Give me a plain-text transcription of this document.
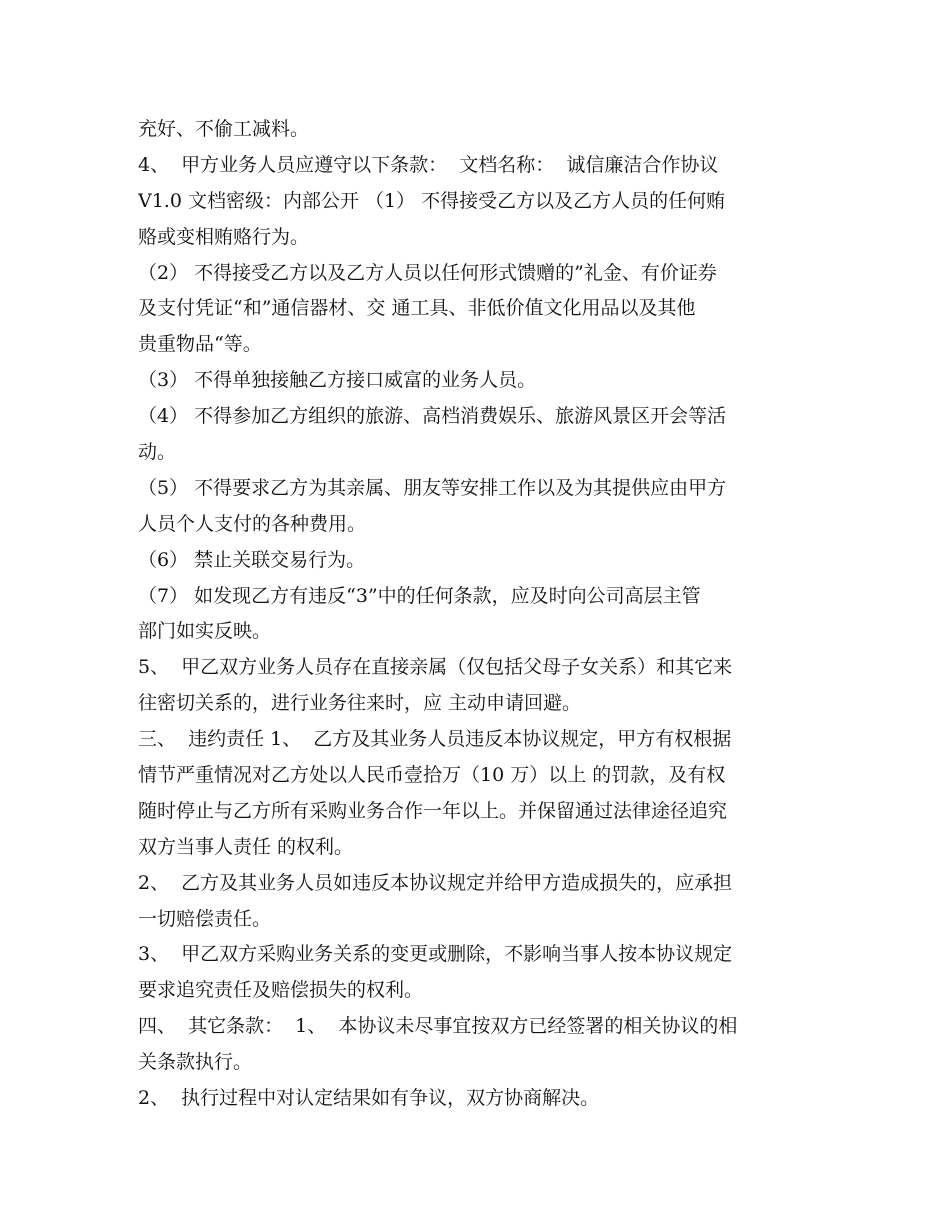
充好、不偷工减料。
4、  甲方业务人员应遵守以下条款：  文档名称：  诚信廉洁合作协议
V1.0 文档密级：内部公开 （1） 不得接受乙方以及乙方人员的任何贿
赂或变相贿赂行为。
（2） 不得接受乙方以及乙方人员以任何形式馈赠的”礼金、有价证券
及支付凭证“和”通信器材、交 通工具、非低价值文化用品以及其他
贵重物品“等。
（3） 不得单独接触乙方接口威富的业务人员。
（4） 不得参加乙方组织的旅游、高档消费娱乐、旅游风景区开会等活
动。
（5） 不得要求乙方为其亲属、朋友等安排工作以及为其提供应由甲方
人员个人支付的各种费用。
（6） 禁止关联交易行为。
（7） 如发现乙方有违反“3”中的任何条款，应及时向公司高层主管
部门如实反映。
5、  甲乙双方业务人员存在直接亲属（仅包括父母子女关系）和其它来
往密切关系的，进行业务往来时，应 主动申请回避。
三、  违约责任 1、  乙方及其业务人员违反本协议规定，甲方有权根据
情节严重情况对乙方处以人民币壹拾万（10 万）以上 的罚款，及有权
随时停止与乙方所有采购业务合作一年以上。并保留通过法律途径追究
双方当事人责任 的权利。
2、  乙方及其业务人员如违反本协议规定并给甲方造成损失的，应承担
一切赔偿责任。
3、  甲乙双方采购业务关系的变更或删除，不影响当事人按本协议规定
要求追究责任及赔偿损失的权利。
四、  其它条款：  1、  本协议未尽事宜按双方已经签署的相关协议的相
关条款执行。
2、  执行过程中对认定结果如有争议，双方协商解决。
